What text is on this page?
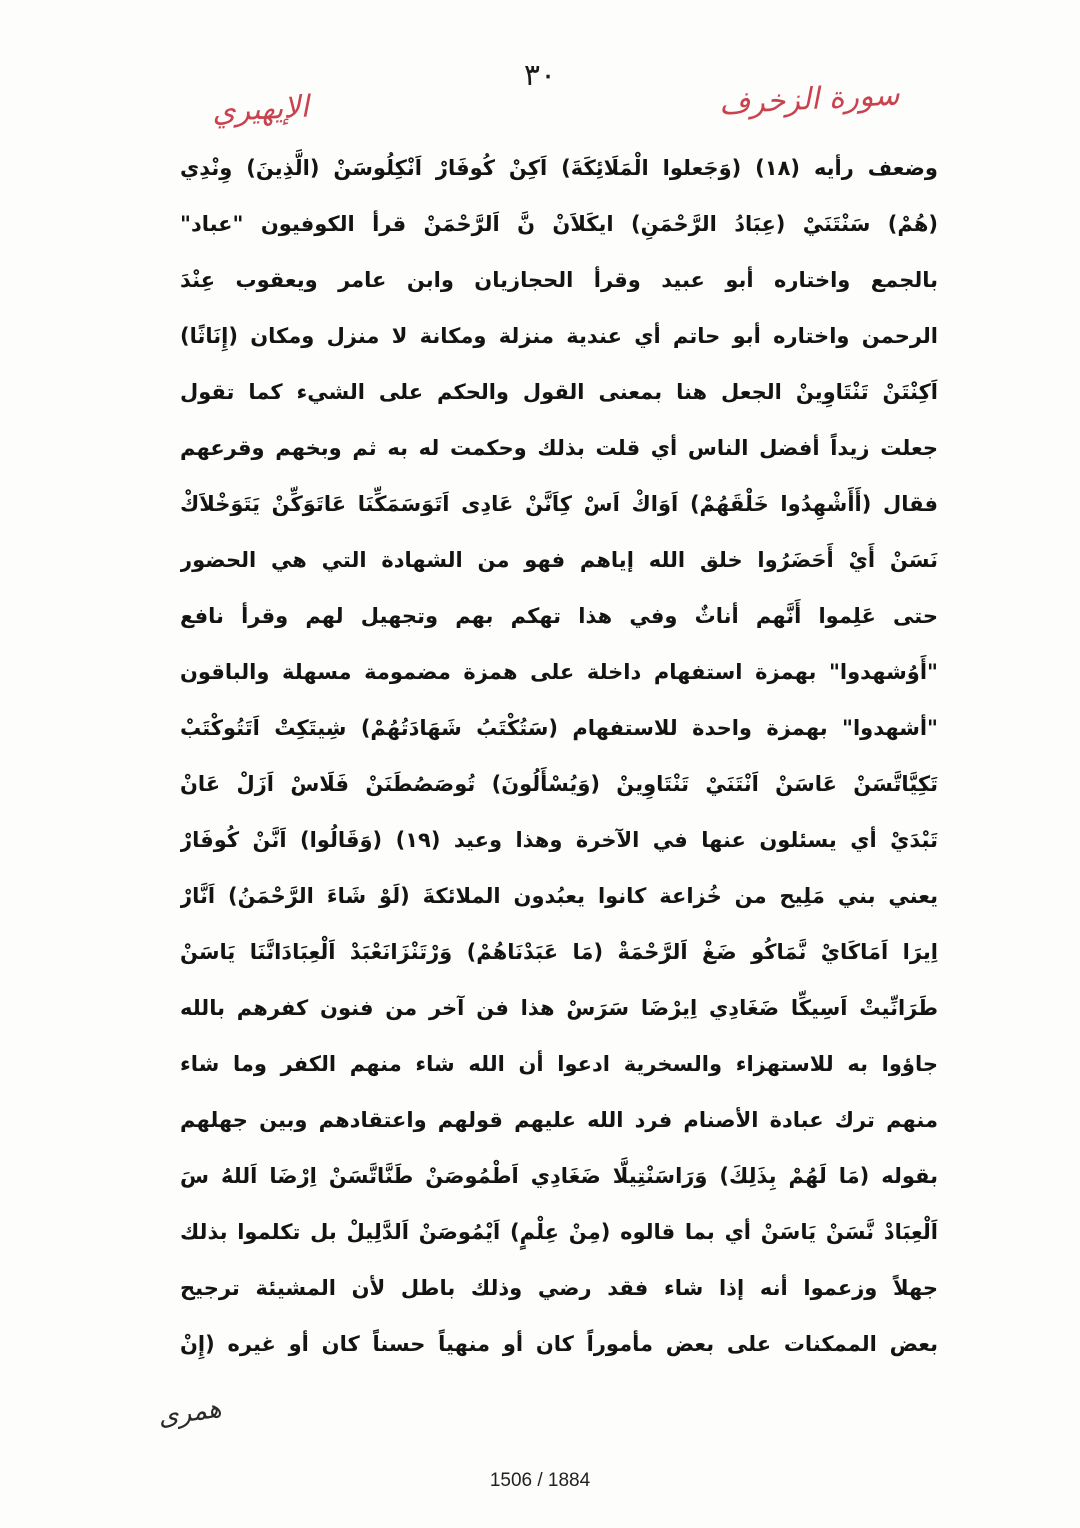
٣٠
سورة الزخرف
الإيهيري
وضعف رأيه (١٨) (وَجَعلوا الْمَلَائِكَةَ) اَكِنْ كُوفَارْ اَنْكِلُوسَنْ (الَّذِينَ) وِنْدِي
(هُمْ) سَنْتَنَيْ (عِبَادُ الرَّحْمَنِ) ايكَلاَنْ نَّ اَلرَّحْمَنْ قرأ الكوفيون "عباد"
بالجمع واختاره أبو عبيد وقرأ الحجازيان وابن عامر ويعقوب عِنْدَ
الرحمن واختاره أبو حاتم أي عندية منزلة ومكانة لا منزل ومكان (إِنَاثًا)
اَكِنْتَنْ تَنْتَاوِينْ الجعل هنا بمعنى القول والحكم على الشيء كما تقول
جعلت زيداً أفضل الناس أي قلت بذلك وحكمت له به ثم وبخهم وقرعهم
فقال (أَأَشْهِدُوا خَلْقَهُمْ) اَوَاكْ اَسْ كِاَنَّنْ عَادِى اَتَوَسَمَكِّنَا عَاتَوَكِّنْ يَتَوَخْلاَكْ
نَسَنْ أَيْ أَحَضَرُوا خلق الله إياهم فهو من الشهادة التي هي الحضور
حتى عَلِموا أَنَّهم أناثٌ وفي هذا تهكم بهم وتجهيل لهم وقرأ نافع
"أَوُشهدوا" بهمزة استفهام داخلة على همزة مضمومة مسهلة والباقون
"أشهدوا" بهمزة واحدة للاستفهام (سَتُكْتَبُ شَهَادَتُهُمْ) شِيتَكِتْ اَتَتُوكْتَبْ
تَكِيَّاتَّسَنْ عَاسَنْ اَنْتَنَيْ تَنْتَاوِينْ (وَيُسْأَلُونَ) تُوصَصُطَنَنْ فَلَاسْ اَزَلْ عَانْ
تَبْدَيْ أي يسئلون عنها في الآخرة وهذا وعيد (١٩) (وَقَالُوا) اَنَّنْ كُوفَارْ
يعني بني مَلِيح من خُزاعة كانوا يعبُدون الملائكةَ (لَوْ شَاءَ الرَّحْمَنُ) اَنَّارْ
اِيرَا اَمَاكَايْ نَّمَاكُو ضَغْ اَلرَّحْمَةْ (مَا عَبَدْنَاهُمْ) وَرْتَنْزَانَعْبَدْ اَلْعِبَادَانَّنَا يَاسَنْ
طَرَانِّيتْ اَسِيكِّا ضَغَادِي اِيرْضَا سَرَسْ هذا فن آخر من فنون كفرهم بالله
جاؤوا به للاستهزاء والسخرية ادعوا أن الله شاء منهم الكفر وما شاء
منهم ترك عبادة الأصنام فرد الله عليهم قولهم واعتقادهم وبين جهلهم
بقوله (مَا لَهُمْ بِذَلِكَ) وَرَاسَنْتِيلَّا ضَغَادِي اَطْمُوصَنْ طَنَّاتَّسَنْ اِرْضَا اَللهُ سَ
اَلْعِبَادْ نَّسَنْ يَاسَنْ أي بما قالوه (مِنْ عِلْمٍ) اَيْمُوصَنْ اَلدَّلِيلْ بل تكلموا بذلك
جهلاً وزعموا أنه إذا شاء فقد رضي وذلك باطل لأن المشيئة ترجيح
بعض الممكنات على بعض مأموراً كان أو منهياً حسناً كان أو غيره (إِنْ
همرى
1506 / 1884
